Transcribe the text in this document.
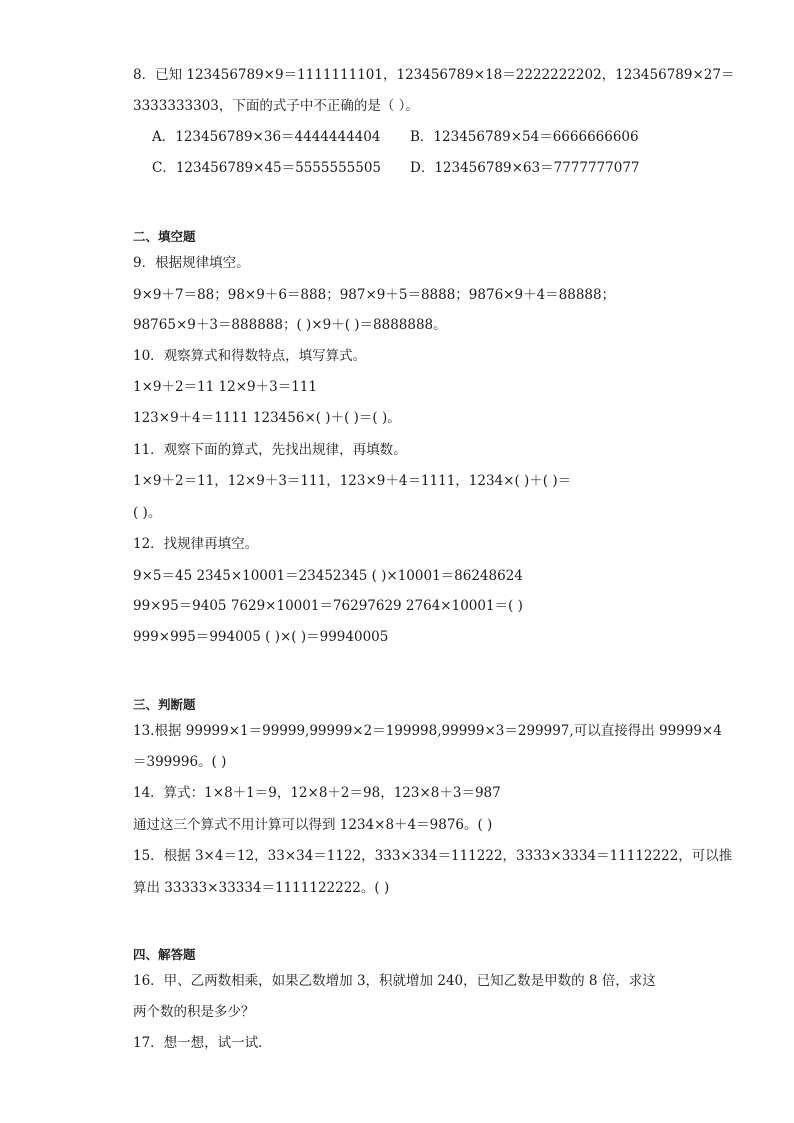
8．已知 123456789×9＝1111111101，123456789×18＝2222222202，123456789×27＝
3333333303，下面的式子中不正确的是（ ）。
A．123456789×36＝4444444404 B．123456789×54＝6666666606
C．123456789×45＝5555555505 D．123456789×63＝7777777077
二、填空题
9．根据规律填空。
9×9＋7＝88；98×9＋6＝888；987×9＋5＝8888；9876×9＋4＝88888；
98765×9＋3＝888888；( )×9＋( )＝8888888。
10．观察算式和得数特点，填写算式。
1×9＋2＝11 12×9＋3＝111
123×9＋4＝1111 123456×( )＋( )＝( )。
11．观察下面的算式，先找出规律，再填数。
1×9＋2＝11，12×9＋3＝111，123×9＋4＝1111，1234×( )＋( )＝
( )。
12．找规律再填空。
9×5＝45 2345×10001＝23452345 ( )×10001＝86248624
99×95＝9405 7629×10001＝76297629 2764×10001＝( )
999×995＝994005 ( )×( )＝99940005
三、判断题
13.根据 99999×1＝99999,99999×2＝199998,99999×3＝299997,可以直接得出 99999×4
＝399996。( )
14．算式：1×8＋1＝9，12×8＋2＝98，123×8＋3＝987
通过这三个算式不用计算可以得到 1234×8＋4＝9876。( )
15．根据 3×4＝12，33×34＝1122，333×334＝111222，3333×3334＝11112222，可以推
算出 33333×33334＝1111122222。( )
四、解答题
16．甲、乙两数相乘，如果乙数增加 3，积就增加 240，已知乙数是甲数的 8 倍，求这
两个数的积是多少？
17．想一想，试一试．
